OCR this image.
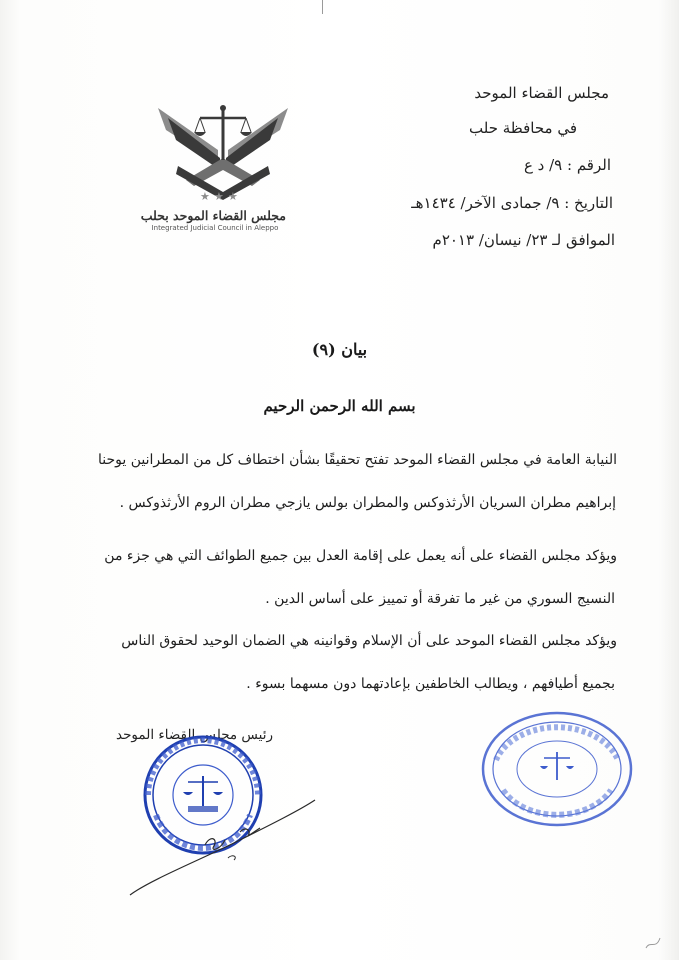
★ ★ ★
مجلس القضاء الموحد بحلب
Integrated Judicial Council in Aleppo
مجلس القضاء الموحد
في محافظة حلب
الرقم : ٩/ د ع
التاريخ : ٩/ جمادى الآخر/ ١٤٣٤هـ
الموافق لـ ٢٣/ نيسان/ ٢٠١٣م
بيان (٩)
بسم الله الرحمن الرحيم
النيابة العامة في مجلس القضاء الموحد تفتح تحقيقًا بشأن اختطاف كل من المطرانين يوحنا
إبراهيم مطران السريان الأرثذوكس والمطران بولس يازجي مطران الروم الأرثذوكس .
ويؤكد مجلس القضاء على أنه يعمل على إقامة العدل بين جميع الطوائف التي هي جزء من
النسيج السوري من غير ما تفرقة أو تمييز على أساس الدين .
ويؤكد مجلس القضاء الموحد على أن الإسلام وقوانينه هي الضمان الوحيد لحقوق الناس
بجميع أطيافهم ، ويطالب الخاطفين بإعادتهما دون مسهما بسوء .
رئيس مجلس القضاء الموحد
